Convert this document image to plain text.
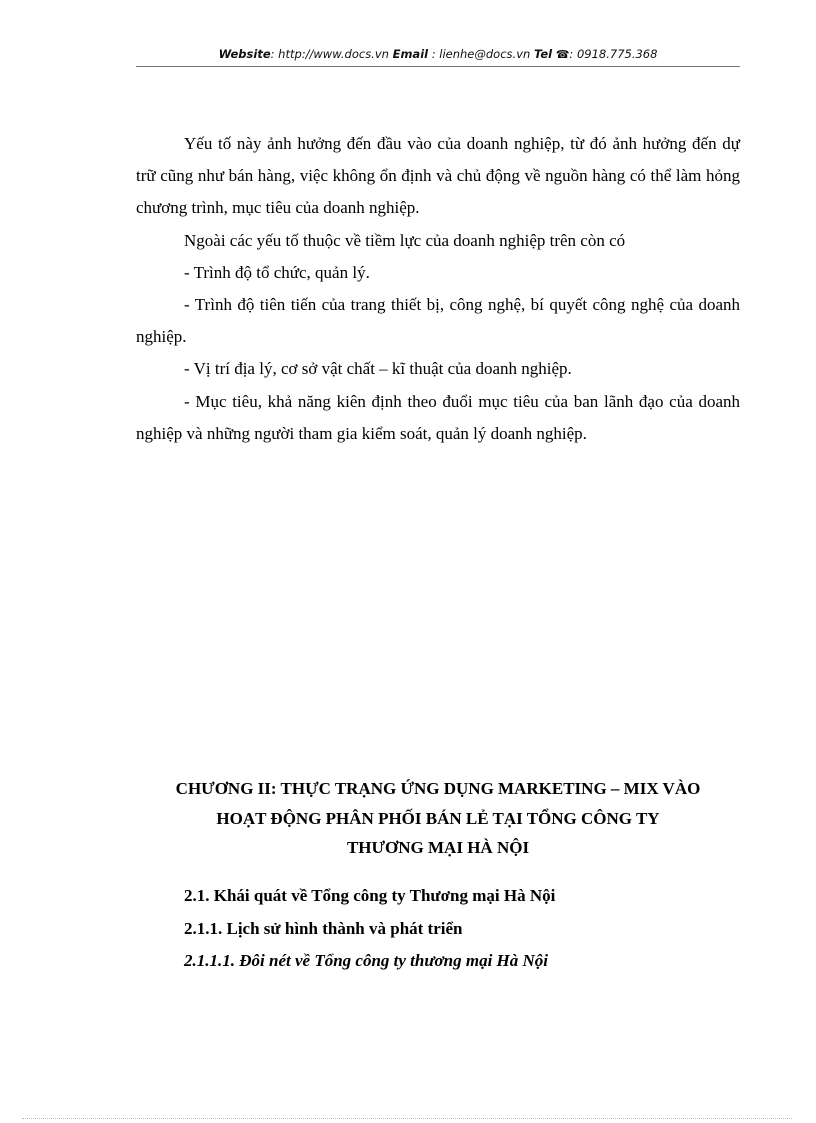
Website: http://www.docs.vn Email : lienhe@docs.vn Tel ☎: 0918.775.368

Yếu tố này ảnh hưởng đến đầu vào của doanh nghiệp, từ đó ảnh hưởng đến dự trữ cũng như bán hàng, việc không ổn định và chủ động về nguồn hàng có thể làm hỏng chương trình, mục tiêu của doanh nghiệp.

Ngoài các yếu tố thuộc về tiềm lực của doanh nghiệp trên còn có

- Trình độ tổ chức, quản lý.

- Trình độ tiên tiến của trang thiết bị, công nghệ, bí quyết công nghệ của doanh nghiệp.

- Vị trí địa lý, cơ sở vật chất – kĩ thuật của doanh nghiệp.

- Mục tiêu, khả năng kiên định theo đuổi mục tiêu của ban lãnh đạo của doanh nghiệp và những người tham gia kiểm soát, quản lý doanh nghiệp.

CHƯƠNG II: THỰC TRẠNG ỨNG DỤNG MARKETING – MIX VÀO
HOẠT ĐỘNG PHÂN PHỐI BÁN LẺ TẠI TỔNG CÔNG TY
THƯƠNG MẠI HÀ NỘI
2.1. Khái quát về Tổng công ty Thương mại Hà Nội
2.1.1. Lịch sử hình thành và phát triển
2.1.1.1. Đôi nét về Tổng công ty thương mại Hà Nội
